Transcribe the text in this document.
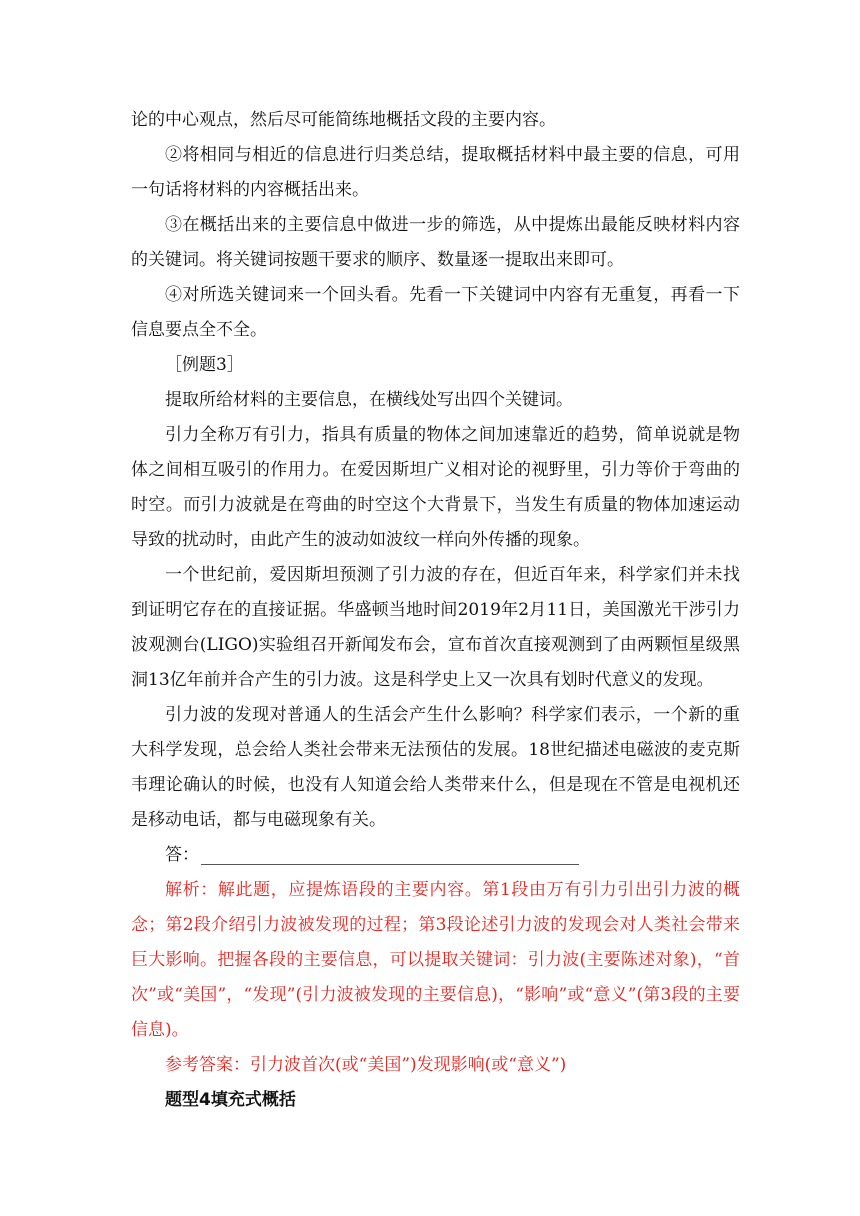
论的中心观点，然后尽可能简练地概括文段的主要内容。

②将相同与相近的信息进行归类总结，提取概括材料中最主要的信息，可用一句话将材料的内容概括出来。

③在概括出来的主要信息中做进一步的筛选，从中提炼出最能反映材料内容的关键词。将关键词按题干要求的顺序、数量逐一提取出来即可。

④对所选关键词来一个回头看。先看一下关键词中内容有无重复，再看一下信息要点全不全。

［例题3］

提取所给材料的主要信息，在横线处写出四个关键词。

引力全称万有引力，指具有质量的物体之间加速靠近的趋势，简单说就是物体之间相互吸引的作用力。在爱因斯坦广义相对论的视野里，引力等价于弯曲的时空。而引力波就是在弯曲的时空这个大背景下，当发生有质量的物体加速运动导致的扰动时，由此产生的波动如波纹一样向外传播的现象。

一个世纪前，爱因斯坦预测了引力波的存在，但近百年来，科学家们并未找到证明它存在的直接证据。华盛顿当地时间2019年2月11日，美国激光干涉引力波观测台(LIGO)实验组召开新闻发布会，宣布首次直接观测到了由两颗恒星级黑洞13亿年前并合产生的引力波。这是科学史上又一次具有划时代意义的发现。

引力波的发现对普通人的生活会产生什么影响？科学家们表示，一个新的重大科学发现，总会给人类社会带来无法预估的发展。18世纪描述电磁波的麦克斯韦理论确认的时候，也没有人知道会给人类带来什么，但是现在不管是电视机还是移动电话，都与电磁现象有关。

答：

解析：解此题，应提炼语段的主要内容。第1段由万有引力引出引力波的概念；第2段介绍引力波被发现的过程；第3段论述引力波的发现会对人类社会带来巨大影响。把握各段的主要信息，可以提取关键词：引力波(主要陈述对象)，“首次”或“美国”，“发现”(引力波被发现的主要信息)，“影响”或“意义”(第3段的主要信息)。

参考答案：引力波首次(或“美国”)发现影响(或“意义”)

题型4填充式概括
